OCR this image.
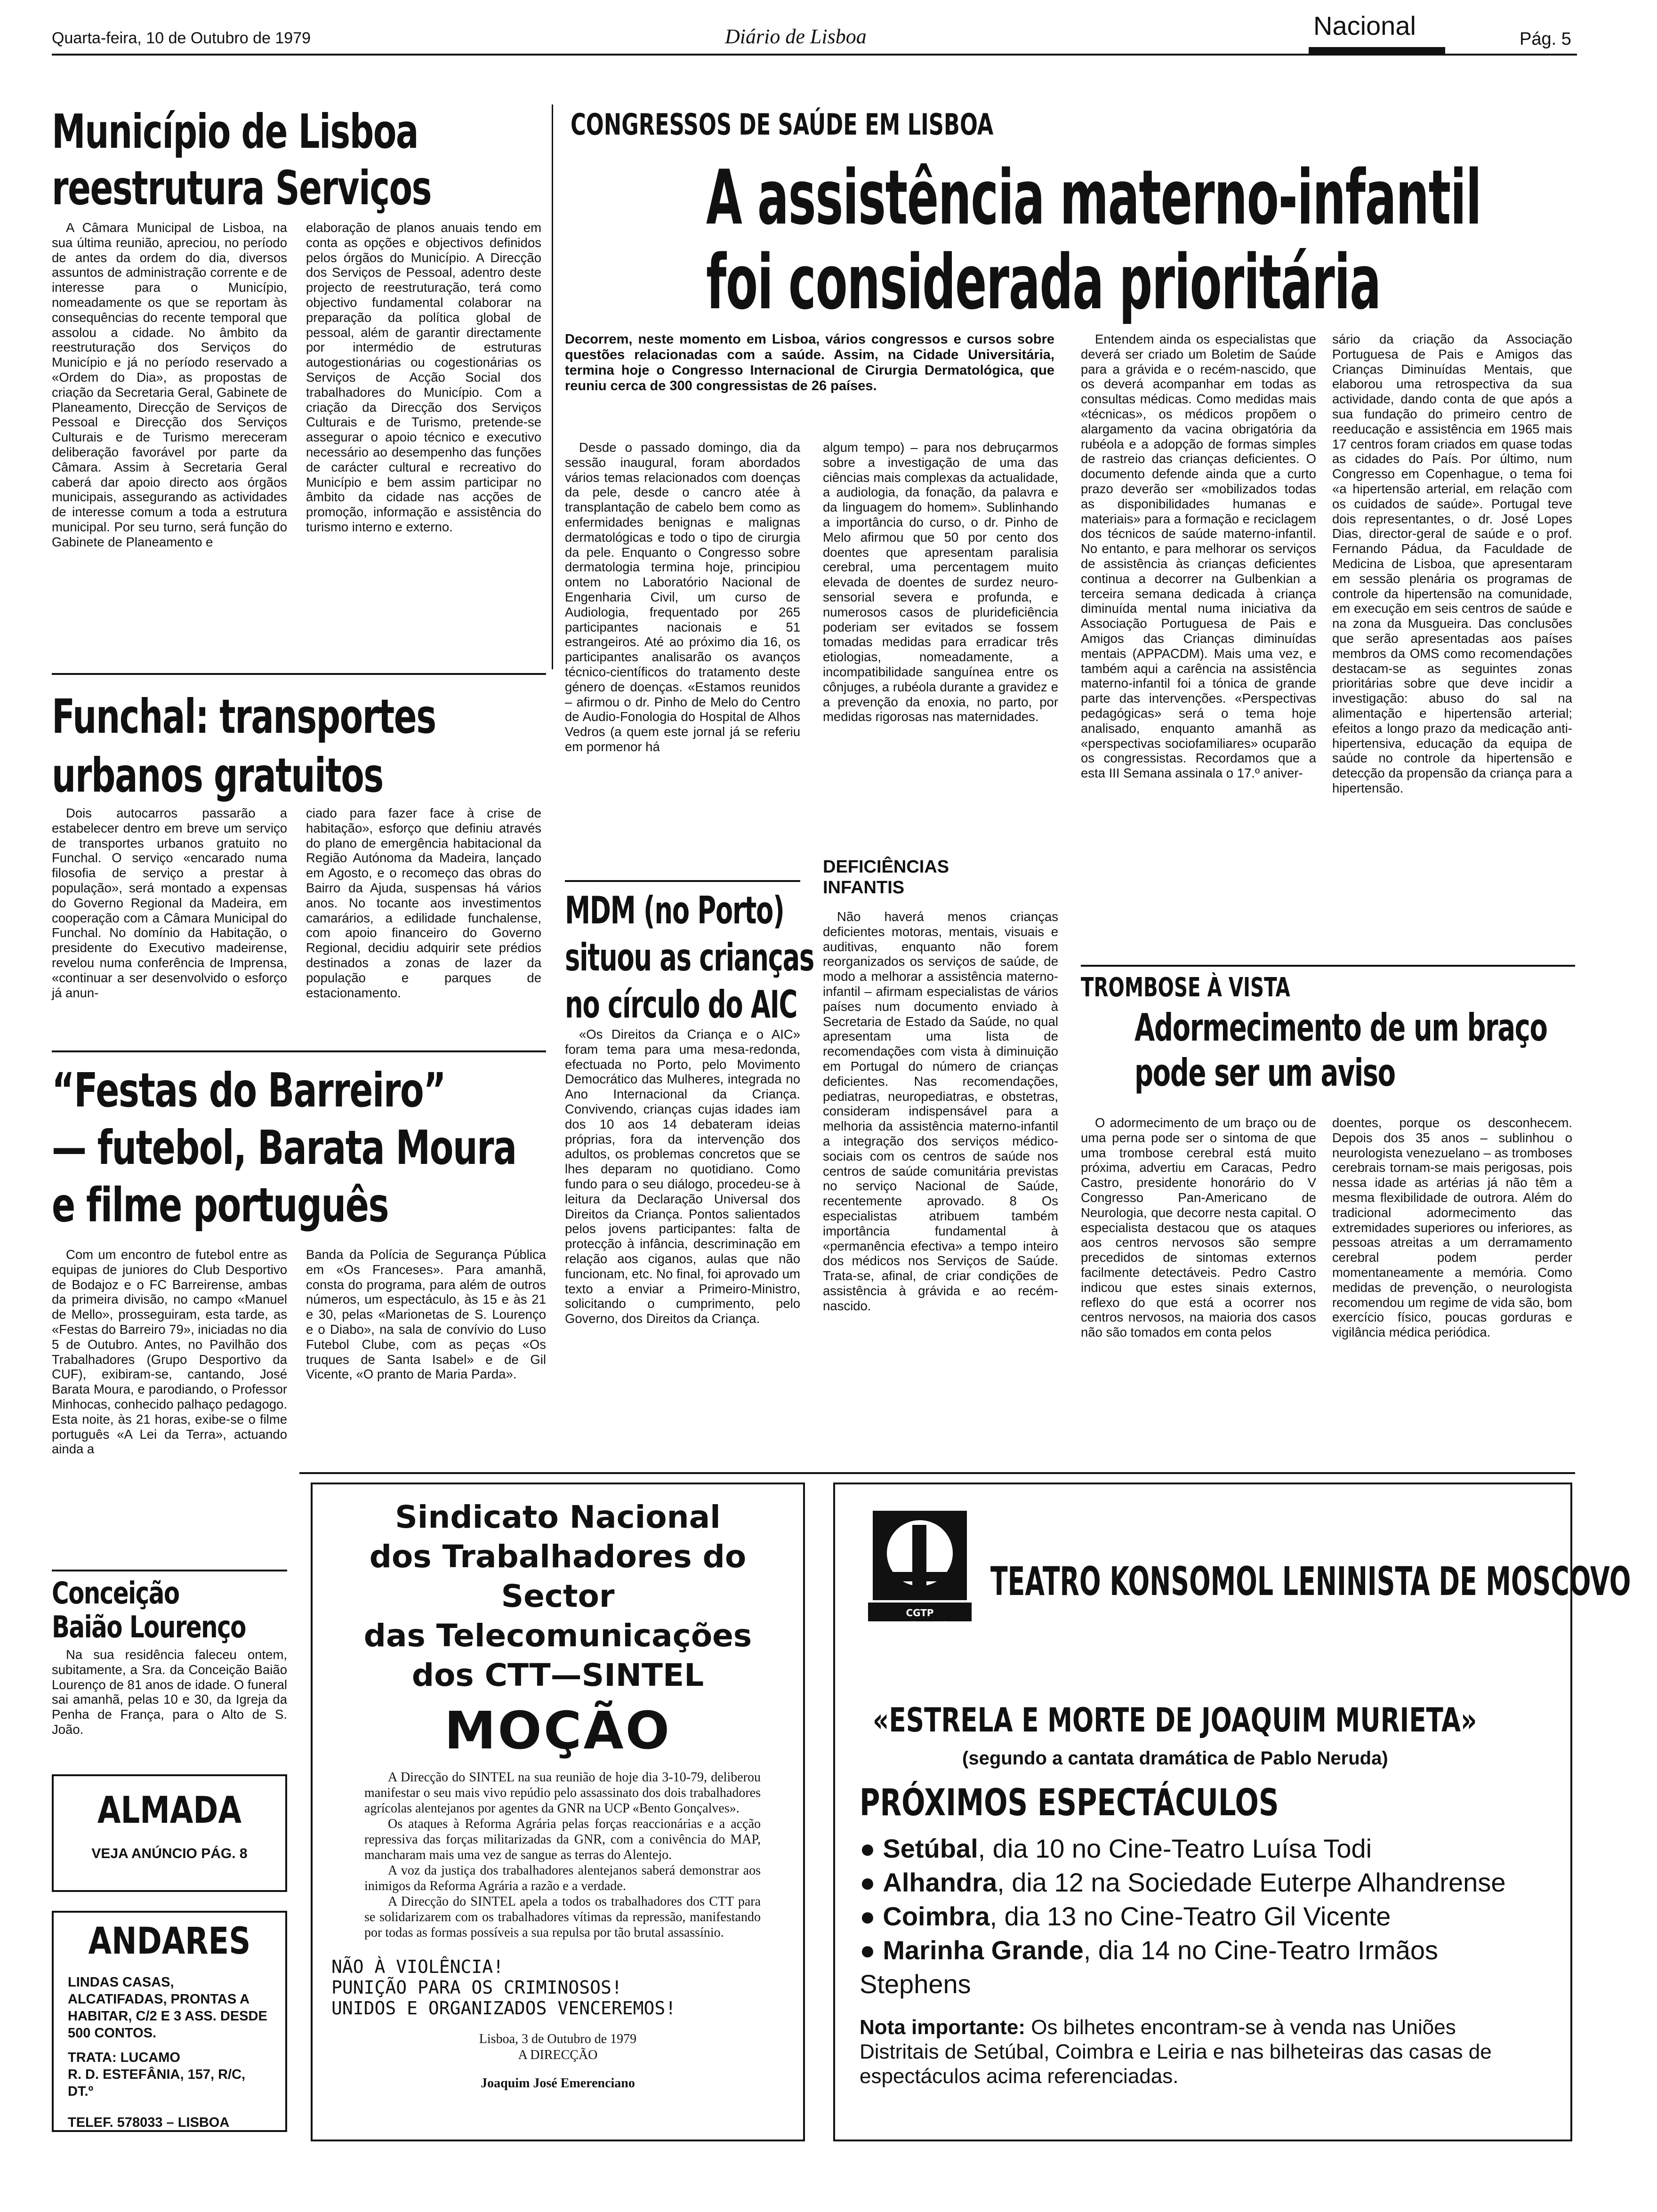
Quarta-feira, 10 de Outubro de 1979	Diário de Lisboa	Nacional	Pág. 5
Município de Lisboa
reestrutura Serviços

A Câmara Municipal de Lisboa, na sua última reunião, apreciou, no período de antes da ordem do dia, diversos assuntos de administração corrente e de interesse para o Município, nomeadamente os que se reportam às consequências do recente temporal que assolou a cidade. No âmbito da reestruturação dos Serviços do Município e já no período reservado a «Ordem do Dia», as propostas de criação da Secretaria Geral, Gabinete de Planeamento, Direcção de Serviços de Pessoal e Direcção dos Serviços Culturais e de Turismo mereceram deliberação favorável por parte da Câmara. Assim à Secretaria Geral caberá dar apoio directo aos órgãos municipais, assegurando as actividades de interesse comum a toda a estrutura municipal. Por seu turno, será função do Gabinete de Planeamento e

elaboração de planos anuais tendo em conta as opções e objectivos definidos pelos órgãos do Município. A Direcção dos Serviços de Pessoal, adentro deste projecto de reestruturação, terá como objectivo fundamental colaborar na preparação da política global de pessoal, além de garantir directamente por intermédio de estruturas autogestionárias ou cogestionárias os Serviços de Acção Social dos trabalhadores do Município. Com a criação da Direcção dos Serviços Culturais e de Turismo, pretende-se assegurar o apoio técnico e executivo necessário ao desempenho das funções de carácter cultural e recreativo do Município e bem assim participar no âmbito da cidade nas acções de promoção, informação e assistência do turismo interno e externo.

Funchal: transportes
urbanos gratuitos

Dois autocarros passarão a estabelecer dentro em breve um serviço de transportes urbanos gratuito no Funchal. O serviço «encarado numa filosofia de serviço a prestar à população», será montado a expensas do Governo Regional da Madeira, em cooperação com a Câmara Municipal do Funchal. No domínio da Habitação, o presidente do Executivo madeirense, revelou numa conferência de Imprensa, «continuar a ser desenvolvido o esforço já anun-

ciado para fazer face à crise de habitação», esforço que definiu através do plano de emergência habitacional da Região Autónoma da Madeira, lançado em Agosto, e o recomeço das obras do Bairro da Ajuda, suspensas há vários anos. No tocante aos investimentos camarários, a edilidade funchalense, com apoio financeiro do Governo Regional, decidiu adquirir sete prédios destinados a zonas de lazer da população e parques de estacionamento.

“Festas do Barreiro”
— futebol, Barata Moura
e filme português

Com um encontro de futebol entre as equipas de juniores do Club Desportivo de Bodajoz e o FC Barreirense, ambas da primeira divisão, no campo «Manuel de Mello», prosseguiram, esta tarde, as «Festas do Barreiro 79», iniciadas no dia 5 de Outubro. Antes, no Pavilhão dos Trabalhadores (Grupo Desportivo da CUF), exibiram-se, cantando, José Barata Moura, e parodiando, o Professor Minhocas, conhecido palhaço pedagogo. Esta noite, às 21 horas, exibe-se o filme português «A Lei da Terra», actuando ainda a

Banda da Polícia de Segurança Pública em «Os Franceses». Para amanhã, consta do programa, para além de outros números, um espectáculo, às 15 e às 21 e 30, pelas «Marionetas de S. Lourenço e o Diabo», na sala de convívio do Luso Futebol Clube, com as peças «Os truques de Santa Isabel» e de Gil Vicente, «O pranto de Maria Parda».

Conceição
Baião Lourenço

Na sua residência faleceu ontem, subitamente, a Sra. da Conceição Baião Lourenço de 81 anos de idade. O funeral sai amanhã, pelas 10 e 30, da Igreja da Penha de França, para o Alto de S. João.

ALMADA
VEJA ANÚNCIO PÁG. 8
ANDARES
LINDAS CASAS, ALCATIFADAS, PRONTAS A HABITAR, C/2 E 3 ASS. DESDE 500 CONTOS.
TRATA: LUCAMO
R. D. ESTEFÂNIA, 157, R/C, DT.º
TELEF. 578033 – LISBOA
CONGRESSOS DE SAÚDE EM LISBOA
A assistência materno-infantil
foi considerada prioritária
Decorrem, neste momento em Lisboa, vários congressos e cursos sobre questões relacionadas com a saúde. Assim, na Cidade Universitária, termina hoje o Congresso Internacional de Cirurgia Dermatológica, que reuniu cerca de 300 congressistas de 26 países.

Desde o passado domingo, dia da sessão inaugural, foram abordados vários temas relacionados com doenças da pele, desde o cancro atée à transplantação de cabelo bem como as enfermidades benignas e malignas dermatológicas e todo o tipo de cirurgia da pele. Enquanto o Congresso sobre dermatologia termina hoje, principiou ontem no Laboratório Nacional de Engenharia Civil, um curso de Audiologia, frequentado por 265 participantes nacionais e 51 estrangeiros. Até ao próximo dia 16, os participantes analisarão os avanços técnico-científicos do tratamento deste género de doenças. «Estamos reunidos – afirmou o dr. Pinho de Melo do Centro de Audio-Fonologia do Hospital de Alhos Vedros (a quem este jornal já se referiu em pormenor há

algum tempo) – para nos debruçarmos sobre a investigação de uma das ciências mais complexas da actualidade, a audiologia, da fonação, da palavra e da linguagem do homem». Sublinhando a importância do curso, o dr. Pinho de Melo afirmou que 50 por cento dos doentes que apresentam paralisia cerebral, uma percentagem muito elevada de doentes de surdez neuro-sensorial severa e profunda, e numerosos casos de plurideficiência poderiam ser evitados se fossem tomadas medidas para erradicar três etiologias, nomeadamente, a incompatibilidade sanguínea entre os cônjuges, a rubéola durante a gravidez e a prevenção da enoxia, no parto, por medidas rigorosas nas maternidades.

DEFICIÊNCIAS INFANTIS

Não haverá menos crianças deficientes motoras, mentais, visuais e auditivas, enquanto não forem reorganizados os serviços de saúde, de modo a melhorar a assistência materno-infantil – afirmam especialistas de vários países num documento enviado à Secretaria de Estado da Saúde, no qual apresentam uma lista de recomendações com vista à diminuição em Portugal do número de crianças deficientes. Nas recomendações, pediatras, neuropediatras, e obstetras, consideram indispensável para a melhoria da assistência materno-infantil a integração dos serviços médico-sociais com os centros de saúde nos centros de saúde comunitária previstas no serviço Nacional de Saúde, recentemente aprovado. 8 Os especialistas atribuem também importância fundamental à «permanência efectiva» a tempo inteiro dos médicos nos Serviços de Saúde. Trata-se, afinal, de criar condições de assistência à grávida e ao recém-nascido.

Entendem ainda os especialistas que deverá ser criado um Boletim de Saúde para a grávida e o recém-nascido, que os deverá acompanhar em todas as consultas médicas. Como medidas mais «técnicas», os médicos propõem o alargamento da vacina obrigatória da rubéola e a adopção de formas simples de rastreio das crianças deficientes. O documento defende ainda que a curto prazo deverão ser «mobilizados todas as disponibilidades humanas e materiais» para a formação e reciclagem dos técnicos de saúde materno-infantil. No entanto, e para melhorar os serviços de assistência às crianças deficientes continua a decorrer na Gulbenkian a terceira semana dedicada à criança diminuída mental numa iniciativa da Associação Portuguesa de Pais e Amigos das Crianças diminuídas mentais (APPACDM). Mais uma vez, e também aqui a carência na assistência materno-infantil foi a tónica de grande parte das intervenções. «Perspectivas pedagógicas» será o tema hoje analisado, enquanto amanhã as «perspectivas sociofamiliares» ocuparão os congressistas. Recordamos que a esta III Semana assinala o 17.º aniver-

sário da criação da Associação Portuguesa de Pais e Amigos das Crianças Diminuídas Mentais, que elaborou uma retrospectiva da sua actividade, dando conta de que após a sua fundação do primeiro centro de reeducação e assistência em 1965 mais 17 centros foram criados em quase todas as cidades do País. Por último, num Congresso em Copenhague, o tema foi «a hipertensão arterial, em relação com os cuidados de saúde». Portugal teve dois representantes, o dr. José Lopes Dias, director-geral de saúde e o prof. Fernando Pádua, da Faculdade de Medicina de Lisboa, que apresentaram em sessão plenária os programas de controle da hipertensão na comunidade, em execução em seis centros de saúde e na zona da Musgueira. Das conclusões que serão apresentadas aos países membros da OMS como recomendações destacam-se as seguintes zonas prioritárias sobre que deve incidir a investigação: abuso do sal na alimentação e hipertensão arterial; efeitos a longo prazo da medicação anti-hipertensiva, educação da equipa de saúde no controle da hipertensão e detecção da propensão da criança para a hipertensão.

MDM (no Porto)
situou as crianças
no círculo do AIC

«Os Direitos da Criança e o AIC» foram tema para uma mesa-redonda, efectuada no Porto, pelo Movimento Democrático das Mulheres, integrada no Ano Internacional da Criança. Convivendo, crianças cujas idades iam dos 10 aos 14 debateram ideias próprias, fora da intervenção dos adultos, os problemas concretos que se lhes deparam no quotidiano. Como fundo para o seu diálogo, procedeu-se à leitura da Declaração Universal dos Direitos da Criança. Pontos salientados pelos jovens participantes: falta de protecção à infância, descriminação em relação aos ciganos, aulas que não funcionam, etc. No final, foi aprovado um texto a enviar a Primeiro-Ministro, solicitando o cumprimento, pelo Governo, dos Direitos da Criança.

TROMBOSE À VISTA
Adormecimento de um braço
pode ser um aviso

O adormecimento de um braço ou de uma perna pode ser o sintoma de que uma trombose cerebral está muito próxima, advertiu em Caracas, Pedro Castro, presidente honorário do V Congresso Pan-Americano de Neurologia, que decorre nesta capital. O especialista destacou que os ataques aos centros nervosos são sempre precedidos de sintomas externos facilmente detectáveis. Pedro Castro indicou que estes sinais externos, reflexo do que está a ocorrer nos centros nervosos, na maioria dos casos não são tomados em conta pelos

doentes, porque os desconhecem. Depois dos 35 anos – sublinhou o neurologista venezuelano – as tromboses cerebrais tornam-se mais perigosas, pois nessa idade as artérias já não têm a mesma flexibilidade de outrora. Além do tradicional adormecimento das extremidades superiores ou inferiores, as pessoas atreitas a um derramamento cerebral podem perder momentaneamente a memória. Como medidas de prevenção, o neurologista recomendou um regime de vida são, bom exercício físico, poucas gorduras e vigilância médica periódica.

Sindicato Nacional
dos Trabalhadores do Sector
das Telecomunicações
dos CTT—SINTEL
MOÇÃO

A Direcção do SINTEL na sua reunião de hoje dia 3-10-79, deliberou manifestar o seu mais vivo repúdio pelo assassinato dos dois trabalhadores agrícolas alentejanos por agentes da GNR na UCP «Bento Gonçalves».

Os ataques à Reforma Agrária pelas forças reaccionárias e a acção repressiva das forças militarizadas da GNR, com a conivência do MAP, mancharam mais uma vez de sangue as terras do Alentejo.

A voz da justiça dos trabalhadores alentejanos saberá demonstrar aos inimigos da Reforma Agrária a razão e a verdade.

A Direcção do SINTEL apela a todos os trabalhadores dos CTT para se solidarizarem com os trabalhadores vítimas da repressão, manifestando por todas as formas possíveis a sua repulsa por tão brutal assassínio.

NÃO À VIOLÊNCIA!
PUNIÇÃO PARA OS CRIMINOSOS!
UNIDOS E ORGANIZADOS VENCEREMOS!
Lisboa, 3 de Outubro de 1979
A DIRECÇÃO
Joaquim José Emerenciano
CGTP INTERSINDICAL
TEATRO KONSOMOL LENINISTA DE MOSCOVO
«ESTRELA E MORTE DE JOAQUIM MURIETA»
(segundo a cantata dramática de Pablo Neruda)
PRÓXIMOS ESPECTÁCULOS
● Setúbal, dia 10 no Cine-Teatro Luísa Todi
● Alhandra, dia 12 na Sociedade Euterpe Alhandrense
● Coimbra, dia 13 no Cine-Teatro Gil Vicente
● Marinha Grande, dia 14 no Cine-Teatro Irmãos Stephens
Nota importante: Os bilhetes encontram-se à venda nas Uniões Distritais de Setúbal, Coimbra e Leiria e nas bilheteiras das casas de espectáculos acima referenciadas.
